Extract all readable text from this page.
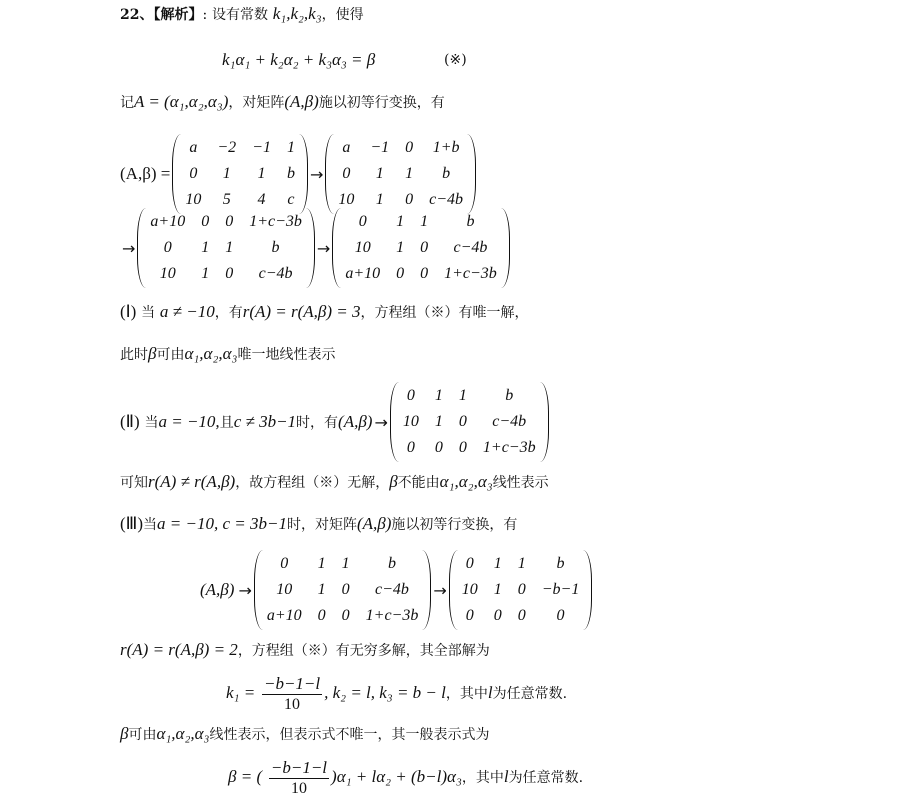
22、【解析】: 设有常数 k₁,k₂,k₃，使得
k₁α₁ + k₂α₂ + k₃α₃ = β	(※)
记A = (α₁,α₂,α₃)，对矩阵(A,β)施以初等行变换，有
(A,β) =
a	−2	−1	1
0	1	1	b
10	5	4	c
→
a	−1	0	1+b
0	1	1	b
10	1	0	c−4b
→
a+10	0	0	1+c−3b
0	1	1	b
10	1	0	c−4b
→
0	1	1	b
10	1	0	c−4b
a+10	0	0	1+c−3b
(Ⅰ) 当 a ≠ −10，有r(A) = r(A,β) = 3，方程组（※）有唯一解，
此时β可由α₁,α₂,α₃唯一地线性表示
(Ⅱ)
当 a = −10, 且 c ≠ 3b−1 时，有 (A,β) →
0	1	1	b
10	1	0	c−4b
0	0	0	1+c−3b
可知r(A) ≠ r(A,β)，故方程组（※）无解，β不能由α₁,α₂,α₃线性表示
(Ⅲ)当a = −10, c = 3b−1时，对矩阵(A,β)施以初等行变换，有
(A,β) →
0	1	1	b
10	1	0	c−4b
a+10	0	0	1+c−3b
→
0	1	1	b
10	1	0	−b−1
0	0	0	0
r(A) = r(A,β) = 2，方程组（※）有无穷多解，其全部解为
$k_1 = \frac{-b-1-l}{10}$ , k₂ = l, k₃ = b − l，其中l为任意常数.
β可由α₁,α₂,α₃线性表示，但表示式不唯一，其一般表示式为
β = ( $\frac{-b-1-l}{10} )\alpha_1 + l\alpha_2 + (b-l)\alpha_3$，其中l为任意常数.
